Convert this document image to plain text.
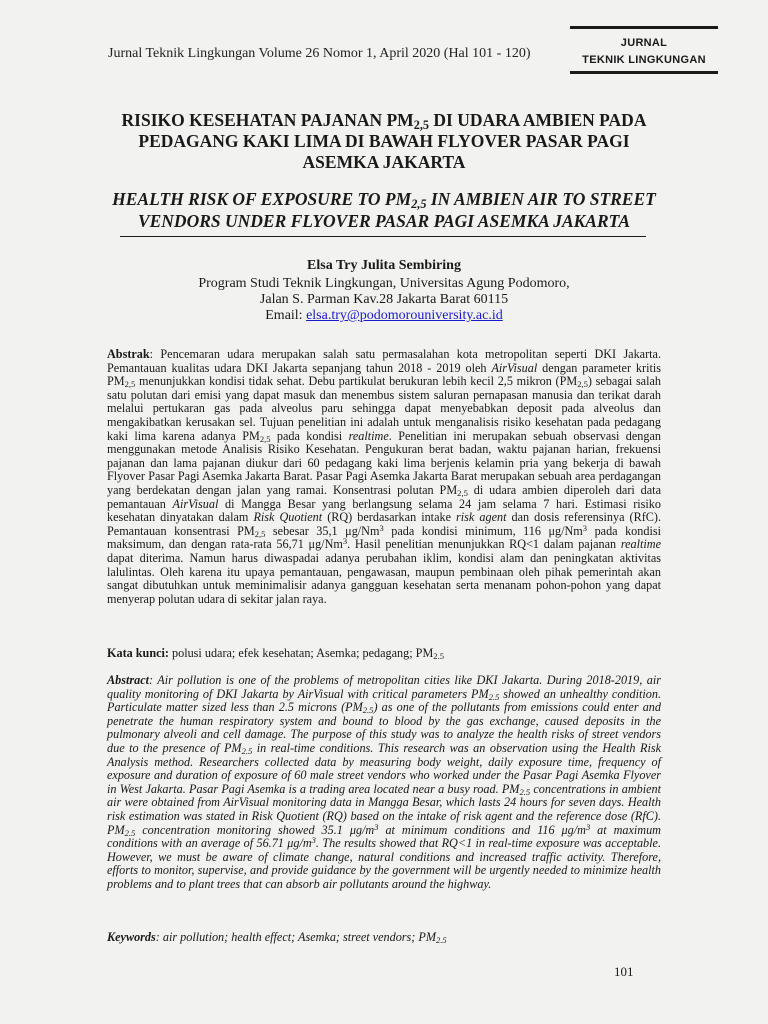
Jurnal Teknik Lingkungan Volume 26 Nomor 1, April 2020 (Hal 101 - 120)
JURNAL
TEKNIK LINGKUNGAN
RISIKO KESEHATAN PAJANAN $PM_{2,5}$ DI UDARA AMBIEN PADA PEDAGANG KAKI LIMA DI BAWAH FLYOVER PASAR PAGI ASEMKA JAKARTA
HEALTH RISK OF EXPOSURE TO $PM_{2,5}$ IN AMBIEN AIR TO STREET VENDORS UNDER FLYOVER PASAR PAGI ASEMKA JAKARTA
Elsa Try Julita Sembiring
Program Studi Teknik Lingkungan, Universitas Agung Podomoro,
Jalan S. Parman Kav.28 Jakarta Barat 60115
Email: elsa.try@podomorouniversity.ac.id
Abstrak: Pencemaran udara merupakan salah satu permasalahan kota metropolitan seperti DKI Jakarta. Pemantauan kualitas udara DKI Jakarta sepanjang tahun 2018 - 2019 oleh AirVisual dengan parameter kritis $PM_{2,5}$ menunjukkan kondisi tidak sehat. Debu partikulat berukuran lebih kecil 2,5 mikron $(PM_{2,5})$ sebagai salah satu polutan dari emisi yang dapat masuk dan menembus sistem saluran pernapasan manusia dan terikat darah melalui pertukaran gas pada alveolus paru sehingga dapat menyebabkan deposit pada alveolus dan mengakibatkan kerusakan sel. Tujuan penelitian ini adalah untuk menganalisis risiko kesehatan pada pedagang kaki lima karena adanya $PM_{2,5}$ pada kondisi realtime. Penelitian ini merupakan sebuah observasi dengan menggunakan metode Analisis Risiko Kesehatan. Pengukuran berat badan, waktu pajanan harian, frekuensi pajanan dan lama pajanan diukur dari 60 pedagang kaki lima berjenis kelamin pria yang bekerja di bawah Flyover Pasar Pagi Asemka Jakarta Barat. Pasar Pagi Asemka Jakarta Barat merupakan sebuah area perdagangan yang berdekatan dengan jalan yang ramai. Konsentrasi polutan $PM_{2,5}$ di udara ambien diperoleh dari data pemantauan AirVisual di Mangga Besar yang berlangsung selama 24 jam selama 7 hari. Estimasi risiko kesehatan dinyatakan dalam Risk Quotient (RQ) berdasarkan intake risk agent dan dosis referensinya (RfC). Pemantauan konsentrasi $PM_{2,5}$ sebesar 35,1 μg/Nm$^3$ pada kondisi minimum, 116 μg/Nm$^3$ pada kondisi maksimum, dan dengan rata-rata 56,71 μg/Nm$^3$. Hasil penelitian menunjukkan RQ<1 dalam pajanan realtime dapat diterima. Namun harus diwaspadai adanya perubahan iklim, kondisi alam dan peningkatan aktivitas lalulintas. Oleh karena itu upaya pemantauan, pengawasan, maupun pembinaan oleh pihak pemerintah akan sangat dibutuhkan untuk meminimalisir adanya gangguan kesehatan serta menanam pohon-pohon yang dapat menyerap polutan udara di sekitar jalan raya.
Kata kunci: polusi udara; efek kesehatan; Asemka; pedagang; $PM_{2.5}$
Abstract: Air pollution is one of the problems of metropolitan cities like DKI Jakarta. During 2018-2019, air quality monitoring of DKI Jakarta by AirVisual with critical parameters $PM_{2.5}$ showed an unhealthy condition. Particulate matter sized less than 2.5 microns $(PM_{2.5})$ as one of the pollutants from emissions could enter and penetrate the human respiratory system and bound to blood by the gas exchange, caused deposits in the pulmonary alveoli and cell damage. The purpose of this study was to analyze the health risks of street vendors due to the presence of $PM_{2.5}$ in real-time conditions. This research was an observation using the Health Risk Analysis method. Researchers collected data by measuring body weight, daily exposure time, frequency of exposure and duration of exposure of 60 male street vendors who worked under the Pasar Pagi Asemka Flyover in West Jakarta. Pasar Pagi Asemka is a trading area located near a busy road. $PM_{2.5}$ concentrations in ambient air were obtained from AirVisual monitoring data in Mangga Besar, which lasts 24 hours for seven days. Health risk estimation was stated in Risk Quotient (RQ) based on the intake of risk agent and the reference dose (RfC). $PM_{2.5}$ concentration monitoring showed 35.1 $\mu g/m^3$ at minimum conditions and 116 $\mu g/m^3$ at maximum conditions with an average of 56.71 $\mu g/m^3$. The results showed that RQ<1 in real-time exposure was acceptable. However, we must be aware of climate change, natural conditions and increased traffic activity. Therefore, efforts to monitor, supervise, and provide guidance by the government will be urgently needed to minimize health problems and to plant trees that can absorb air pollutants around the highway.
Keywords: air pollution; health effect; Asemka; street vendors; $PM_{2.5}$
101
